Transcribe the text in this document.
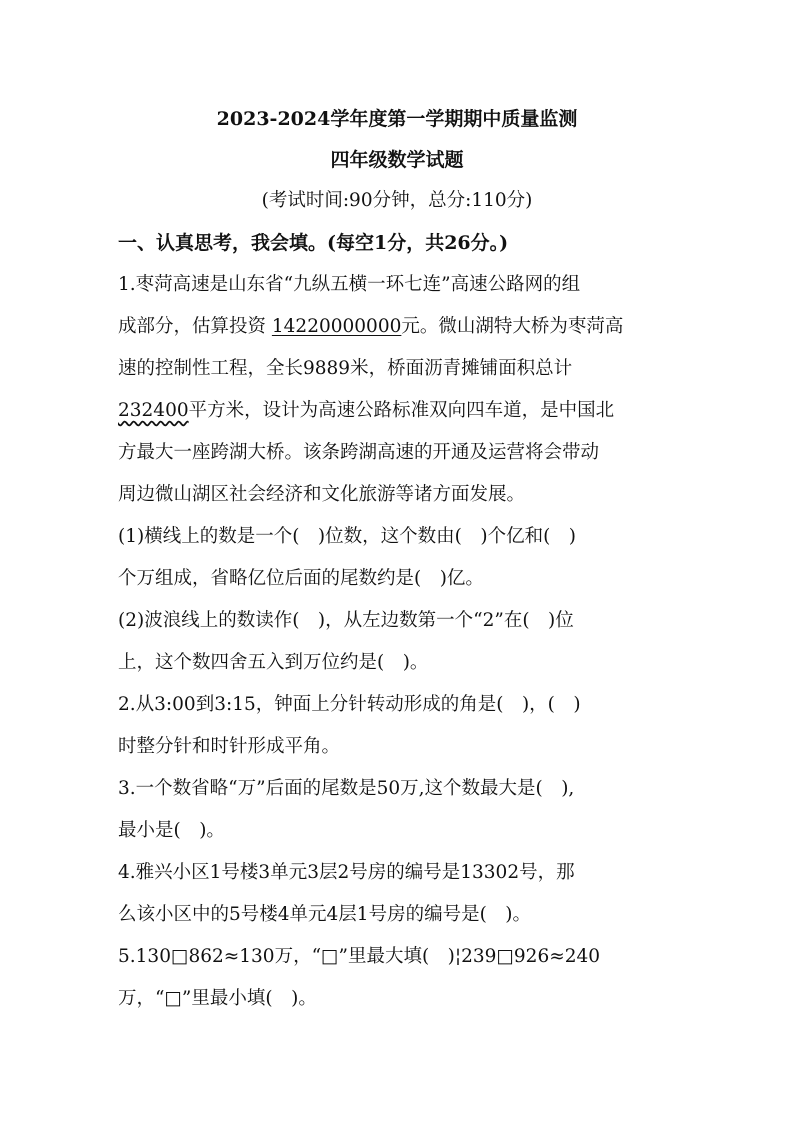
2023-2024学年度第一学期期中质量监测
四年级数学试题
(考试时间:90分钟，总分:110分)
一、认真思考，我会填。(每空1分，共26分。)
1.枣菏高速是山东省“九纵五横一环七连”高速公路网的组
成部分，估算投资 14220000000元。微山湖特大桥为枣菏高
速的控制性工程，全长9889米，桥面沥青摊铺面积总计
232400平方米，设计为高速公路标准双向四车道，是中国北
方最大一座跨湖大桥。该条跨湖高速的开通及运营将会带动
周边微山湖区社会经济和文化旅游等诸方面发展。
(1)横线上的数是一个(　)位数，这个数由(　)个亿和(　)
个万组成，省略亿位后面的尾数约是(　)亿。
(2)波浪线上的数读作(　)，从左边数第一个“2”在(　)位
上，这个数四舍五入到万位约是(　)。
2.从3:00到3:15，钟面上分针转动形成的角是(　)，(　)
时整分针和时针形成平角。
3.一个数省略“万”后面的尾数是50万,这个数最大是(　),
最小是(　)。
4.雅兴小区1号楼3单元3层2号房的编号是13302号，那
么该小区中的5号楼4单元4层1号房的编号是(　)。
5.130□862≈130万，“□”里最大填(　)¦239□926≈240
万，“□”里最小填(　)。
